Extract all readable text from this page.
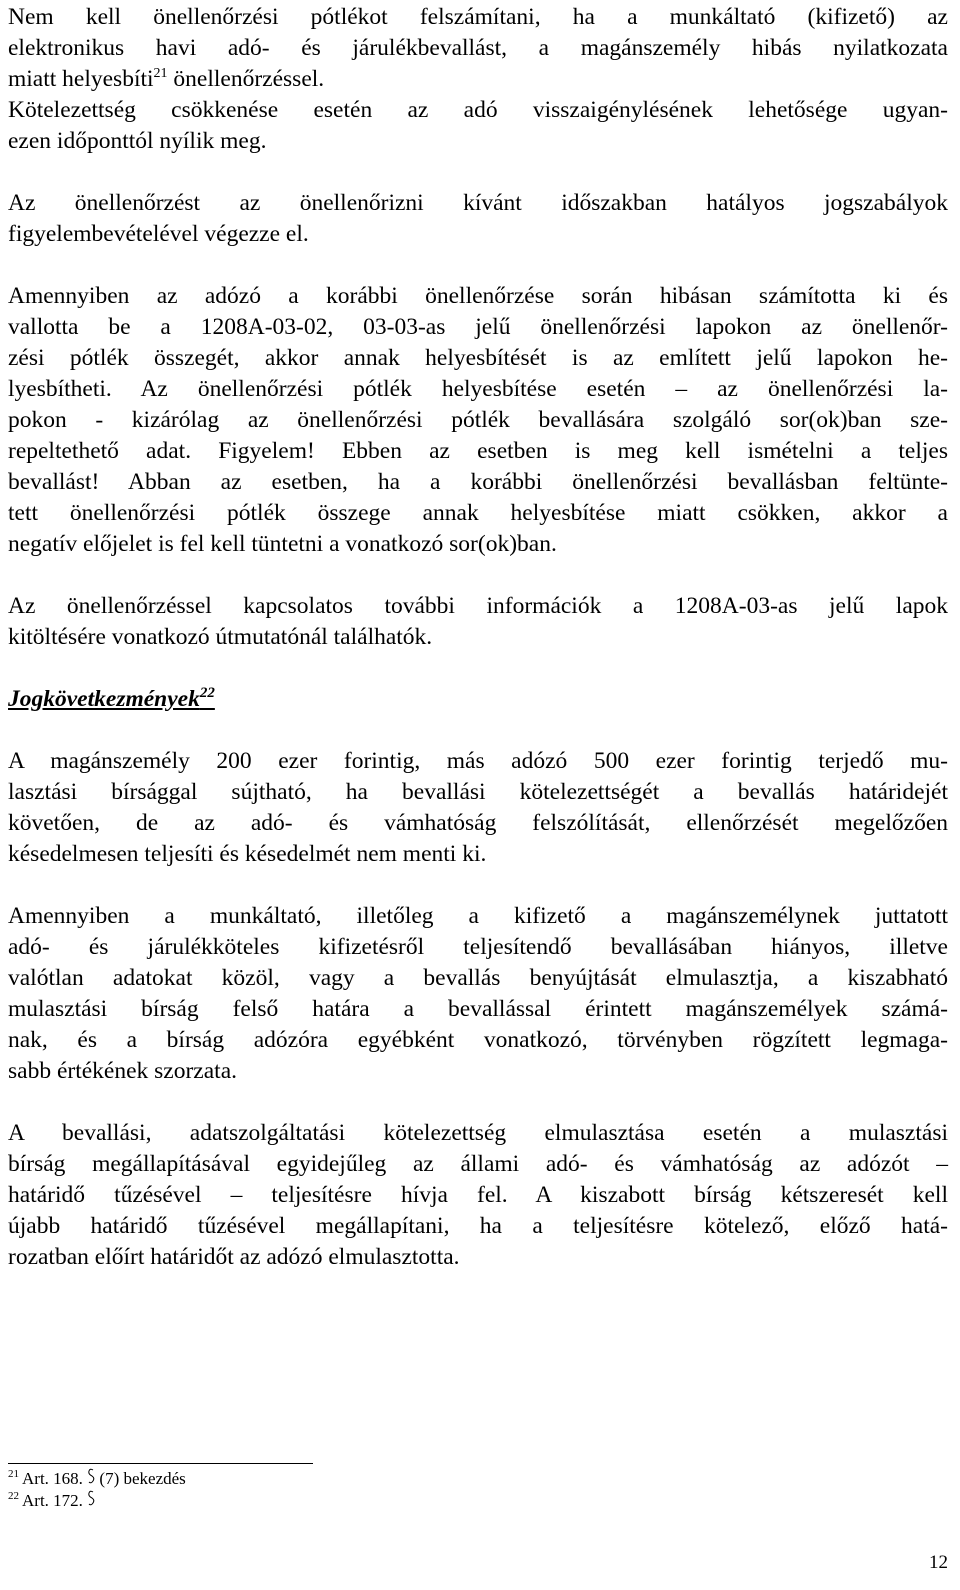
Nem kell önellenőrzési pótlékot felszámítani, ha a munkáltató (kifizető) az
elektronikus havi adó- és járulékbevallást, a magánszemély hibás nyilatkozata
miatt helyesbíti$^{21}$ önellenőrzéssel.
Kötelezettség csökkenése esetén az adó visszaigénylésének lehetősége ugyan-
ezen időponttól nyílik meg.
Az önellenőrzést az önellenőrizni kívánt időszakban hatályos jogszabályok
figyelembevételével végezze el.
Amennyiben az adózó a korábbi önellenőrzése során hibásan számította ki és
vallotta be a 1208A-03-02, 03-03-as jelű önellenőrzési lapokon az önellenőr-
zési pótlék összegét, akkor annak helyesbítését is az említett jelű lapokon he-
lyesbítheti. Az önellenőrzési pótlék helyesbítése esetén – az önellenőrzési la-
pokon - kizárólag az önellenőrzési pótlék bevallására szolgáló sor(ok)ban sze-
repeltethető adat. Figyelem! Ebben az esetben is meg kell ismételni a teljes
bevallást! Abban az esetben, ha a korábbi önellenőrzési bevallásban feltünte-
tett önellenőrzési pótlék összege annak helyesbítése miatt csökken, akkor a
negatív előjelet is fel kell tüntetni a vonatkozó sor(ok)ban.
Az önellenőrzéssel kapcsolatos további információk a 1208A-03-as jelű lapok
kitöltésére vonatkozó útmutatónál találhatók.
Jogkövetkezmények$^{22}$
A magánszemély 200 ezer forintig, más adózó 500 ezer forintig terjedő mu-
lasztási bírsággal sújtható, ha bevallási kötelezettségét a bevallás határidejét
követően, de az adó- és vámhatóság felszólítását, ellenőrzését megelőzően
késedelmesen teljesíti és késedelmét nem menti ki.
Amennyiben a munkáltató, illetőleg a kifizető a magánszemélynek juttatott
adó- és járulékköteles kifizetésről teljesítendő bevallásában hiányos, illetve
valótlan adatokat közöl, vagy a bevallás benyújtását elmulasztja, a kiszabható
mulasztási bírság felső határa a bevallással érintett magánszemélyek számá-
nak, és a bírság adózóra egyébként vonatkozó, törvényben rögzített legmaga-
sabb értékének szorzata.
A bevallási, adatszolgáltatási kötelezettség elmulasztása esetén a mulasztási
bírság megállapításával egyidejűleg az állami adó- és vámhatóság az adózót –
határidő tűzésével – teljesítésre hívja fel. A kiszabott bírság kétszeresét kell
újabb határidő tűzésével megállapítani, ha a teljesítésre kötelező, előző hatá-
rozatban előírt határidőt az adózó elmulasztotta.
$^{21}$ Art. 168.  (7) bekezdés
$^{22}$ Art. 172.
12
